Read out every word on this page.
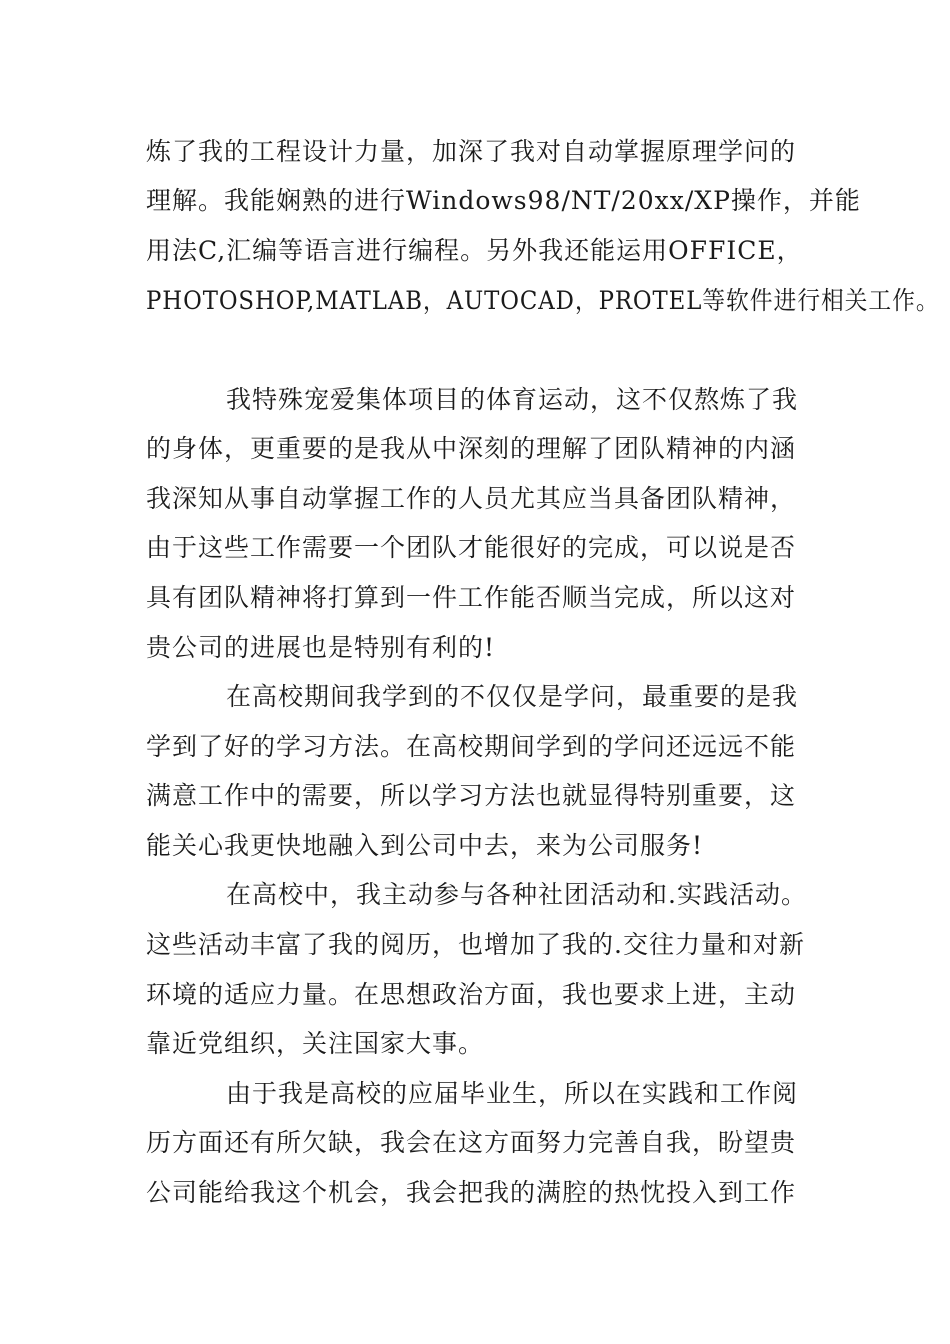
炼了我的工程设计力量，加深了我对自动掌握原理学问的
理解。我能娴熟的进行Windows98/NT/20xx/XP操作，并能
用法C,汇编等语言进行编程。另外我还能运用OFFICE，
PHOTOSHOP,MATLAB，AUTOCAD，PROTEL等软件进行相关工作。
我特殊宠爱集体项目的体育运动，这不仅熬炼了我
的身体，更重要的是我从中深刻的理解了团队精神的内涵
我深知从事自动掌握工作的人员尤其应当具备团队精神，
由于这些工作需要一个团队才能很好的完成，可以说是否
具有团队精神将打算到一件工作能否顺当完成，所以这对
贵公司的进展也是特别有利的!
在高校期间我学到的不仅仅是学问，最重要的是我
学到了好的学习方法。在高校期间学到的学问还远远不能
满意工作中的需要，所以学习方法也就显得特别重要，这
能关心我更快地融入到公司中去，来为公司服务!
在高校中，我主动参与各种社团活动和.实践活动。
这些活动丰富了我的阅历，也增加了我的.交往力量和对新
环境的适应力量。在思想政治方面，我也要求上进，主动
靠近党组织，关注国家大事。
由于我是高校的应届毕业生，所以在实践和工作阅
历方面还有所欠缺，我会在这方面努力完善自我，盼望贵
公司能给我这个机会，我会把我的满腔的热忱投入到工作
